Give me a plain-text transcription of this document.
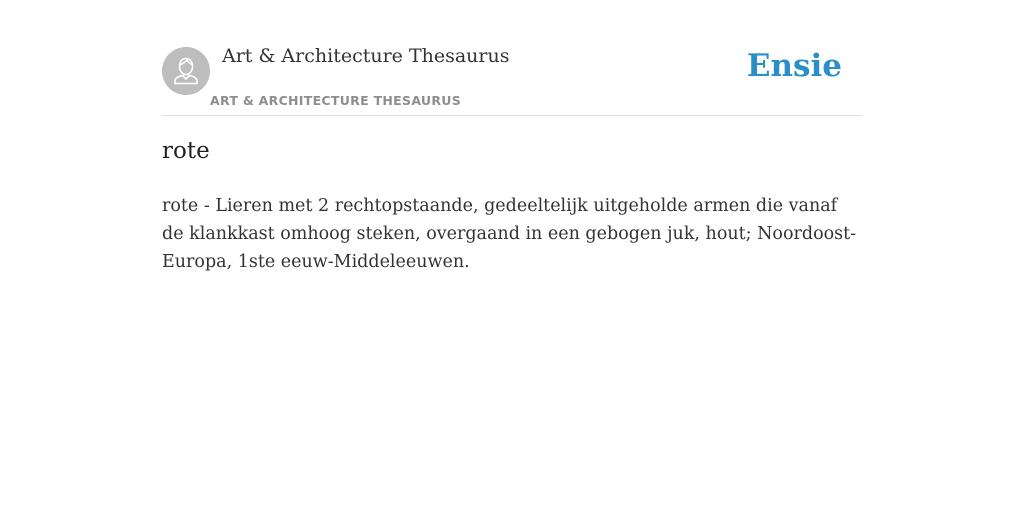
Art & Architecture Thesaurus
ART & ARCHITECTURE THESAURUS
Ensie
rote

rote - Lieren met 2 rechtopstaande, gedeeltelijk uitgeholde armen die vanaf de klankkast omhoog steken, overgaand in een gebogen juk, hout; Noordoost-Europa, 1ste eeuw-Middeleeuwen.
